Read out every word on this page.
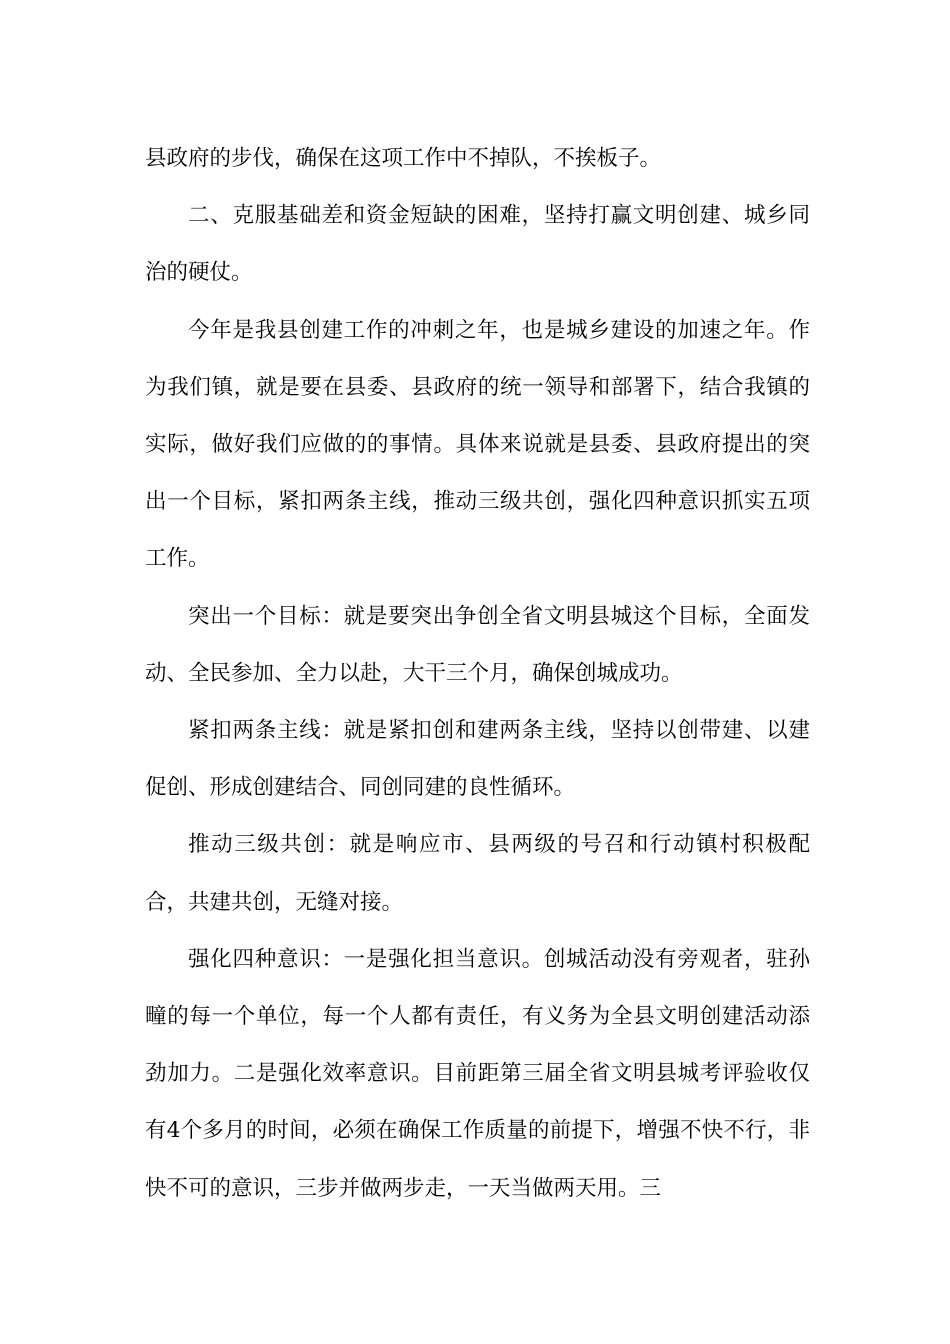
县政府的步伐，确保在这项工作中不掉队，不挨板子。

二、克服基础差和资金短缺的困难，坚持打赢文明创建、城乡同治的硬仗。

今年是我县创建工作的冲刺之年，也是城乡建设的加速之年。作为我们镇，就是要在县委、县政府的统一领导和部署下，结合我镇的实际，做好我们应做的的事情。具体来说就是县委、县政府提出的突出一个目标，紧扣两条主线，推动三级共创，强化四种意识抓实五项工作。

突出一个目标：就是要突出争创全省文明县城这个目标，全面发动、全民参加、全力以赴，大干三个月，确保创城成功。

紧扣两条主线：就是紧扣创和建两条主线，坚持以创带建、以建促创、形成创建结合、同创同建的良性循环。

推动三级共创：就是响应市、县两级的号召和行动镇村积极配合，共建共创，无缝对接。

强化四种意识：一是强化担当意识。创城活动没有旁观者，驻孙疃的每一个单位，每一个人都有责任，有义务为全县文明创建活动添劲加力。二是强化效率意识。目前距第三届全省文明县城考评验收仅有4个多月的时间，必须在确保工作质量的前提下，增强不快不行，非快不可的意识，三步并做两步走，一天当做两天用。三
